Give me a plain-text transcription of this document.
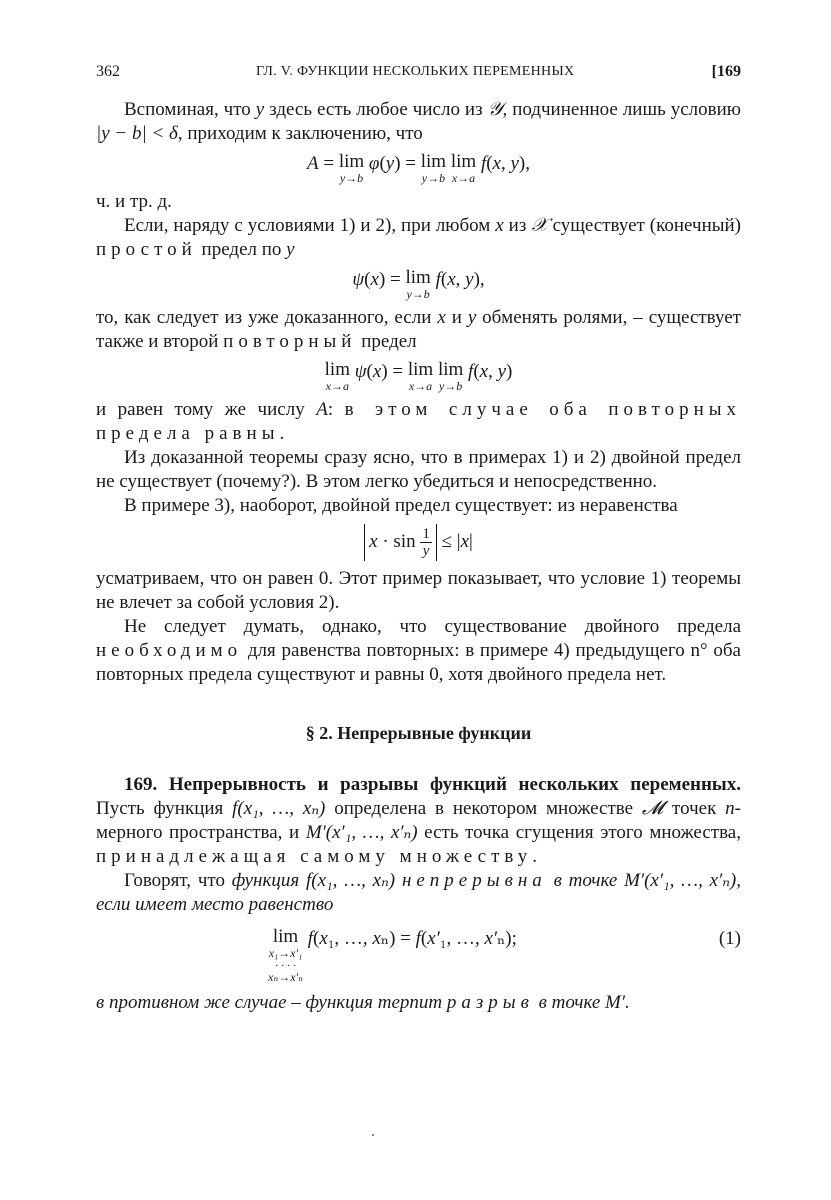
362	ГЛ. V. ФУНКЦИИ НЕСКОЛЬКИХ ПЕРЕМЕННЫХ	[169

Вспоминая, что y здесь есть любое число из 𝒴, подчиненное лишь условию |y − b| < δ, приходим к заключению, что

A = lim
y→b
φ(y) = lim
y→b
lim
x→a
f(x, y),

ч. и тр. д.

Если, наряду с условиями 1) и 2), при любом x из 𝒳 существует (конечный) простой предел по y

ψ(x) = lim
y→b
f(x, y),

то, как следует из уже доказанного, если x и y обменять ролями, – существует также и второй повторный предел

lim
x→a
ψ(x) = lim
x→a
lim
y→b
f(x, y)

и равен тому же числу A: в этом случае оба повторных предела равны.

Из доказанной теоремы сразу ясно, что в примерах 1) и 2) двойной предел не существует (почему?). В этом легко убедиться и непосредственно.

В примере 3), наоборот, двойной предел существует: из неравенства

$x \cdot \sin \frac{1}{y} \le |x|$

усматриваем, что он равен 0. Этот пример показывает, что условие 1) теоремы не влечет за собой условия 2).

Не следует думать, однако, что существование двойного предела необходимо для равенства повторных: в примере 4) предыдущего n° оба повторных предела существуют и равны 0, хотя двойного предела нет.

§ 2. Непрерывные функции

169. Непрерывность и разрывы функций нескольких переменных. Пусть функция f(x₁, …, xₙ) определена в некотором множестве 𝓜 точек n-мерного пространства, и M′(x′₁, …, x′ₙ) есть точка сгущения этого множества, принадлежащая самому множеству.

Говорят, что функция f(x₁, …, xₙ) непрерывна в точке M′(x′₁, …, x′ₙ), если имеет место равенство

(1)
lim
x₁→x′₁
· · · ·
xₙ→x′ₙ
f(x₁, …, xₙ) = f(x′₁, …, x′ₙ);

в противном же случае – функция терпит разрыв в точке M′.
